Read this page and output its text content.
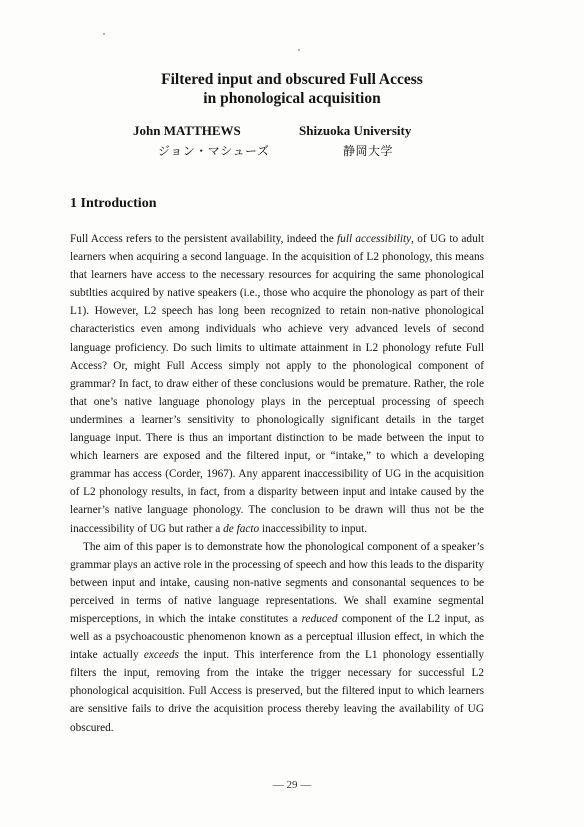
Filtered input and obscured Full Access
in phonological acquisition
John MATTHEWS
ジョン・マシューズ
Shizuoka University
静岡大学
1 Introduction

Full Access refers to the persistent availability, indeed the full accessibility, of UG to adult learners when acquiring a second language. In the acquisition of L2 phonology, this means that learners have access to the necessary resources for acquiring the same phonological subtlties acquired by native speakers (i.e., those who acquire the phonology as part of their L1). However, L2 speech has long been recognized to retain non-native phonological characteristics even among individuals who achieve very advanced levels of second language proficiency. Do such limits to ultimate attainment in L2 phonology refute Full Access? Or, might Full Access simply not apply to the phonological component of grammar? In fact, to draw either of these conclusions would be premature. Rather, the role that one’s native language phonology plays in the perceptual processing of speech undermines a learner’s sensitivity to phonologically significant details in the target language input. There is thus an important distinction to be made between the input to which learners are exposed and the filtered input, or “intake,” to which a developing grammar has access (Corder, 1967). Any apparent inaccessibility of UG in the acquisition of L2 phonology results, in fact, from a disparity between input and intake caused by the learner’s native language phonology. The conclusion to be drawn will thus not be the inaccessibility of UG but rather a de facto inaccessibility to input.

The aim of this paper is to demonstrate how the phonological component of a speaker’s grammar plays an active role in the processing of speech and how this leads to the disparity between input and intake, causing non-native segments and consonantal sequences to be perceived in terms of native language representations. We shall examine segmental misperceptions, in which the intake constitutes a reduced component of the L2 input, as well as a psychoacoustic phenomenon known as a perceptual illusion effect, in which the intake actually exceeds the input. This interference from the L1 phonology essentially filters the input, removing from the intake the trigger necessary for successful L2 phonological acquisition. Full Access is preserved, but the filtered input to which learners are sensitive fails to drive the acquisition process thereby leaving the availability of UG obscured.

— 29 —
